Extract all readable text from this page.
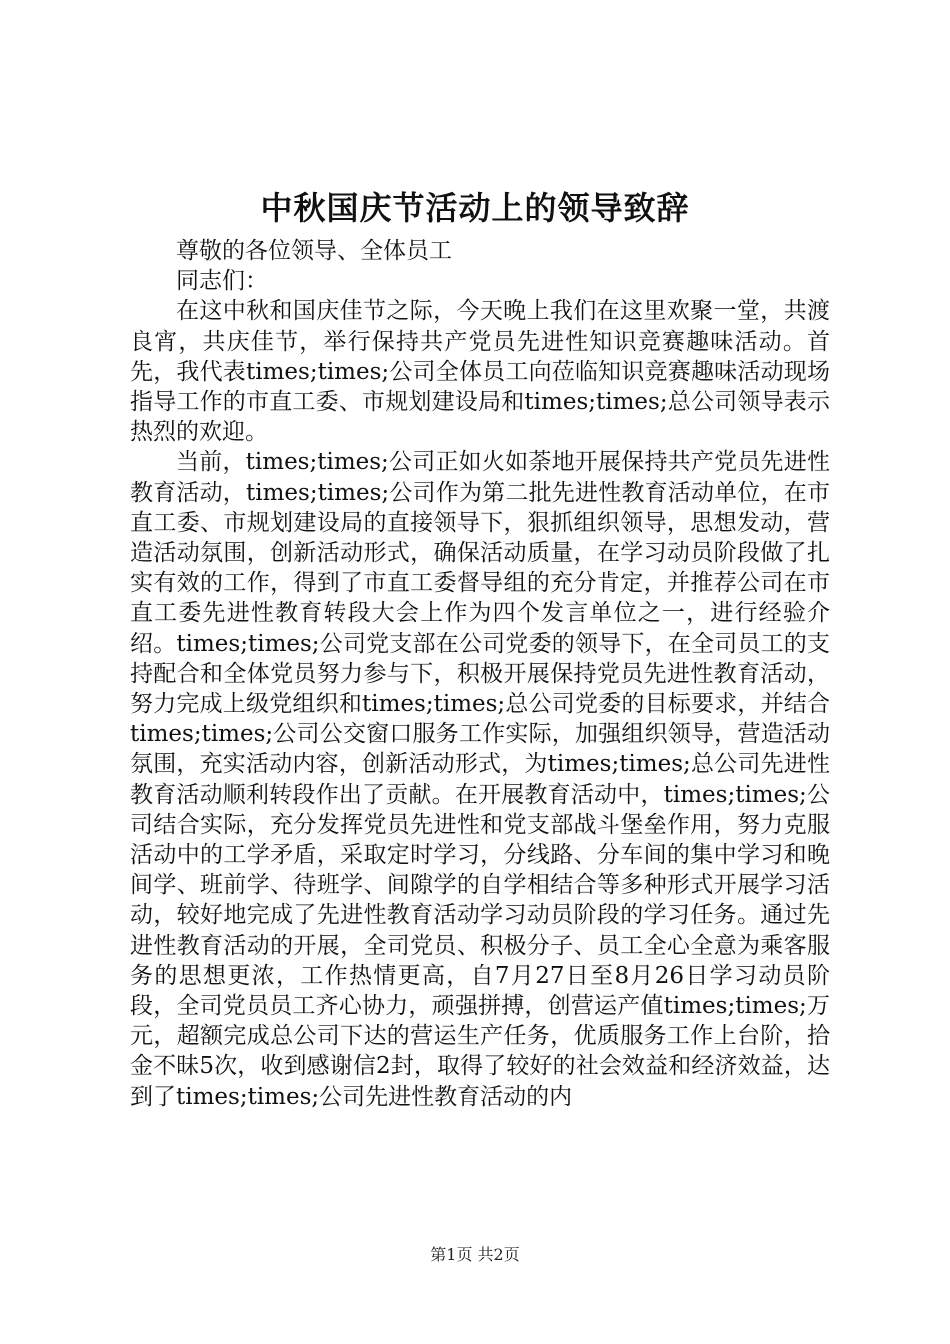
中秋国庆节活动上的领导致辞

尊敬的各位领导、全体员工

同志们：

在这中秋和国庆佳节之际，今天晚上我们在这里欢聚一堂，共渡良宵，共庆佳节，举行保持共产党员先进性知识竞赛趣味活动。首先，我代表times;times;公司全体员工向莅临知识竞赛趣味活动现场指导工作的市直工委、市规划建设局和times;times;总公司领导表示热烈的欢迎。

当前，times;times;公司正如火如荼地开展保持共产党员先进性教育活动，times;times;公司作为第二批先进性教育活动单位，在市直工委、市规划建设局的直接领导下，狠抓组织领导，思想发动，营造活动氛围，创新活动形式，确保活动质量，在学习动员阶段做了扎实有效的工作，得到了市直工委督导组的充分肯定，并推荐公司在市直工委先进性教育转段大会上作为四个发言单位之一，进行经验介绍。times;times;公司党支部在公司党委的领导下，在全司员工的支持配合和全体党员努力参与下，积极开展保持党员先进性教育活动，努力完成上级党组织和times;times;总公司党委的目标要求，并结合times;times;公司公交窗口服务工作实际，加强组织领导，营造活动氛围，充实活动内容，创新活动形式，为times;times;总公司先进性教育活动顺利转段作出了贡献。在开展教育活动中，times;times;公司结合实际，充分发挥党员先进性和党支部战斗堡垒作用，努力克服活动中的工学矛盾，采取定时学习，分线路、分车间的集中学习和晚间学、班前学、待班学、间隙学的自学相结合等多种形式开展学习活动，较好地完成了先进性教育活动学习动员阶段的学习任务。通过先进性教育活动的开展，全司党员、积极分子、员工全心全意为乘客服务的思想更浓，工作热情更高，自7月27日至8月26日学习动员阶段，全司党员员工齐心协力，顽强拼搏，创营运产值times;times;万元，超额完成总公司下达的营运生产任务，优质服务工作上台阶，拾金不昧5次，收到感谢信2封，取得了较好的社会效益和经济效益，达到了times;times;公司先进性教育活动的内

第1页 共2页
